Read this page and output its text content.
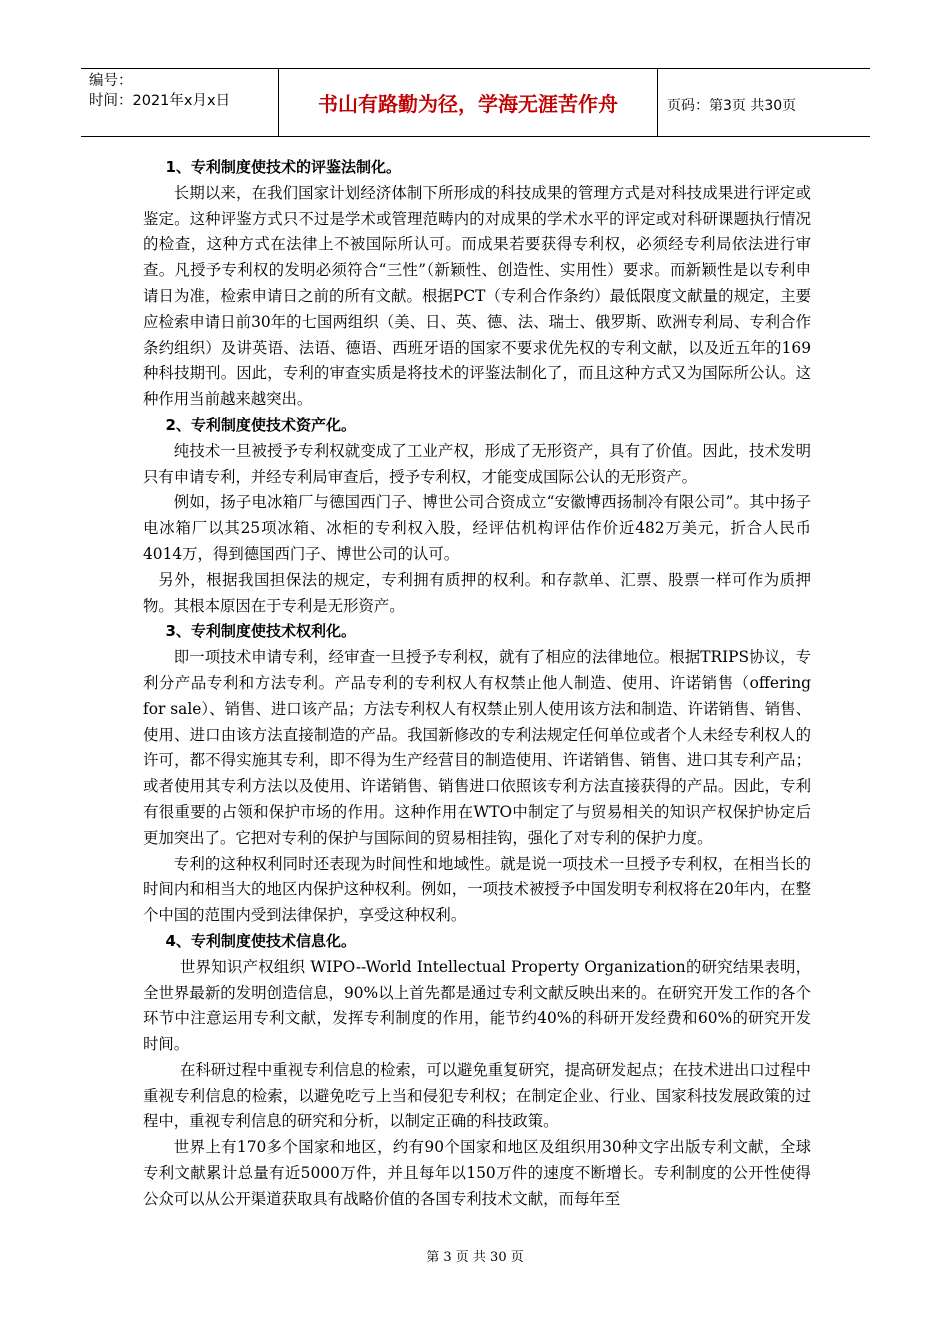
编号：
时间：2021年x月x日	书山有路勤为径，学海无涯苦作舟	页码：第3页 共30页

1、专利制度使技术的评鉴法制化。

长期以来，在我们国家计划经济体制下所形成的科技成果的管理方式是对科技成果进行评定或鉴定。这种评鉴方式只不过是学术或管理范畴内的对成果的学术水平的评定或对科研课题执行情况的检查，这种方式在法律上不被国际所认可。而成果若要获得专利权，必须经专利局依法进行审查。凡授予专利权的发明必须符合“三性”（新颖性、创造性、实用性）要求。而新颖性是以专利申请日为准，检索申请日之前的所有文献。根据PCT（专利合作条约）最低限度文献量的规定，主要应检索申请日前30年的七国两组织（美、日、英、德、法、瑞士、俄罗斯、欧洲专利局、专利合作条约组织）及讲英语、法语、德语、西班牙语的国家不要求优先权的专利文献，以及近五年的169种科技期刊。因此，专利的审查实质是将技术的评鉴法制化了，而且这种方式又为国际所公认。这种作用当前越来越突出。

2、专利制度使技术资产化。

纯技术一旦被授予专利权就变成了工业产权，形成了无形资产，具有了价值。因此，技术发明只有申请专利，并经专利局审查后，授予专利权，才能变成国际公认的无形资产。

例如，扬子电冰箱厂与德国西门子、博世公司合资成立“安徽博西扬制冷有限公司”。其中扬子电冰箱厂以其25项冰箱、冰柜的专利权入股，经评估机构评估作价近482万美元，折合人民币4014万，得到德国西门子、博世公司的认可。

另外，根据我国担保法的规定，专利拥有质押的权利。和存款单、汇票、股票一样可作为质押物。其根本原因在于专利是无形资产。

3、专利制度使技术权利化。

即一项技术申请专利，经审查一旦授予专利权，就有了相应的法律地位。根据TRIPS协议，专利分产品专利和方法专利。产品专利的专利权人有权禁止他人制造、使用、许诺销售（offering for sale）、销售、进口该产品；方法专利权人有权禁止别人使用该方法和制造、许诺销售、销售、使用、进口由该方法直接制造的产品。我国新修改的专利法规定任何单位或者个人未经专利权人的许可，都不得实施其专利，即不得为生产经营目的制造使用、许诺销售、销售、进口其专利产品；或者使用其专利方法以及使用、许诺销售、销售进口依照该专利方法直接获得的产品。因此，专利有很重要的占领和保护市场的作用。这种作用在WTO中制定了与贸易相关的知识产权保护协定后更加突出了。它把对专利的保护与国际间的贸易相挂钩，强化了对专利的保护力度。

专利的这种权利同时还表现为时间性和地域性。就是说一项技术一旦授予专利权，在相当长的时间内和相当大的地区内保护这种权利。例如，一项技术被授予中国发明专利权将在20年内，在整个中国的范围内受到法律保护，享受这种权利。

4、专利制度使技术信息化。

世界知识产权组织 WIPO--World Intellectual Property Organization的研究结果表明，全世界最新的发明创造信息，90%以上首先都是通过专利文献反映出来的。在研究开发工作的各个环节中注意运用专利文献，发挥专利制度的作用，能节约40%的科研开发经费和60%的研究开发时间。

在科研过程中重视专利信息的检索，可以避免重复研究，提高研发起点；在技术进出口过程中重视专利信息的检索，以避免吃亏上当和侵犯专利权；在制定企业、行业、国家科技发展政策的过程中，重视专利信息的研究和分析，以制定正确的科技政策。

世界上有170多个国家和地区，约有90个国家和地区及组织用30种文字出版专利文献，全球专利文献累计总量有近5000万件，并且每年以150万件的速度不断增长。专利制度的公开性使得公众可以从公开渠道获取具有战略价值的各国专利技术文献，而每年至

第 3 页 共 30 页
